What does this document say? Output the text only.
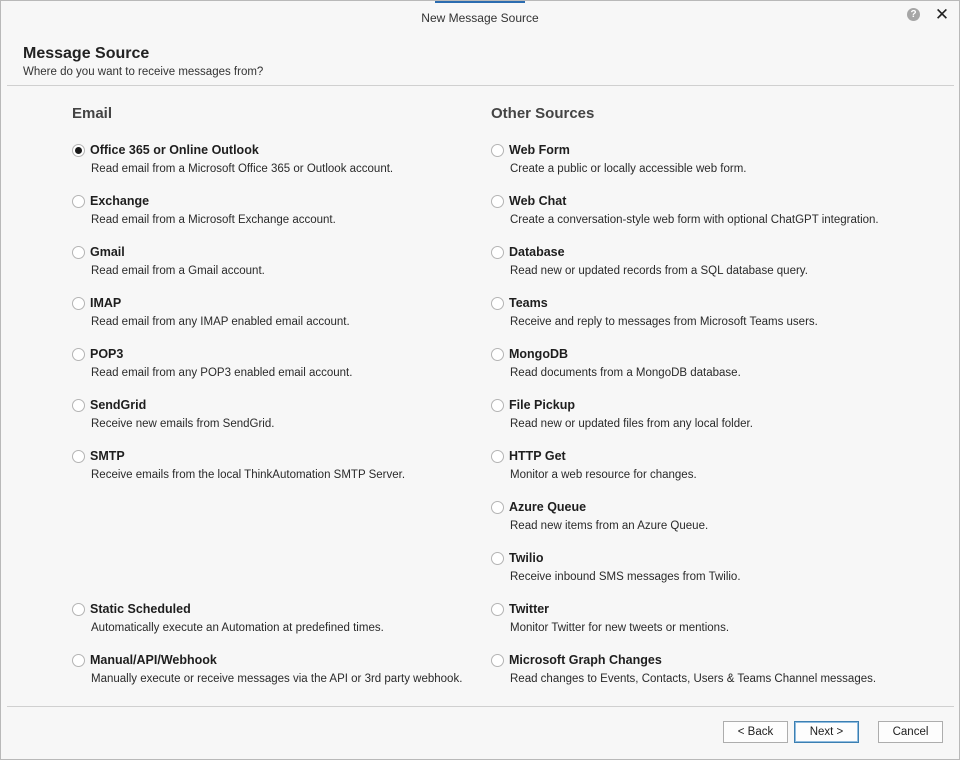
New Message Source	? ✕
Message Source
Where do you want to receive messages from?
Email	Other Sources
Office 365 or Online Outlook
Read email from a Microsoft Office 365 or Outlook account.
Exchange
Read email from a Microsoft Exchange account.
Gmail
Read email from a Gmail account.
IMAP
Read email from any IMAP enabled email account.
POP3
Read email from any POP3 enabled email account.
SendGrid
Receive new emails from SendGrid.
SMTP
Receive emails from the local ThinkAutomation SMTP Server.
Static Scheduled
Automatically execute an Automation at predefined times.
Manual/API/Webhook
Manually execute or receive messages via the API or 3rd party webhook.
Web Form
Create a public or locally accessible web form.
Web Chat
Create a conversation-style web form with optional ChatGPT integration.
Database
Read new or updated records from a SQL database query.
Teams
Receive and reply to messages from Microsoft Teams users.
MongoDB
Read documents from a MongoDB database.
File Pickup
Read new or updated files from any local folder.
HTTP Get
Monitor a web resource for changes.
Azure Queue
Read new items from an Azure Queue.
Twilio
Receive inbound SMS messages from Twilio.
Twitter
Monitor Twitter for new tweets or mentions.
Microsoft Graph Changes
Read changes to Events, Contacts, Users & Teams Channel messages.
< Back	Next >	Cancel
